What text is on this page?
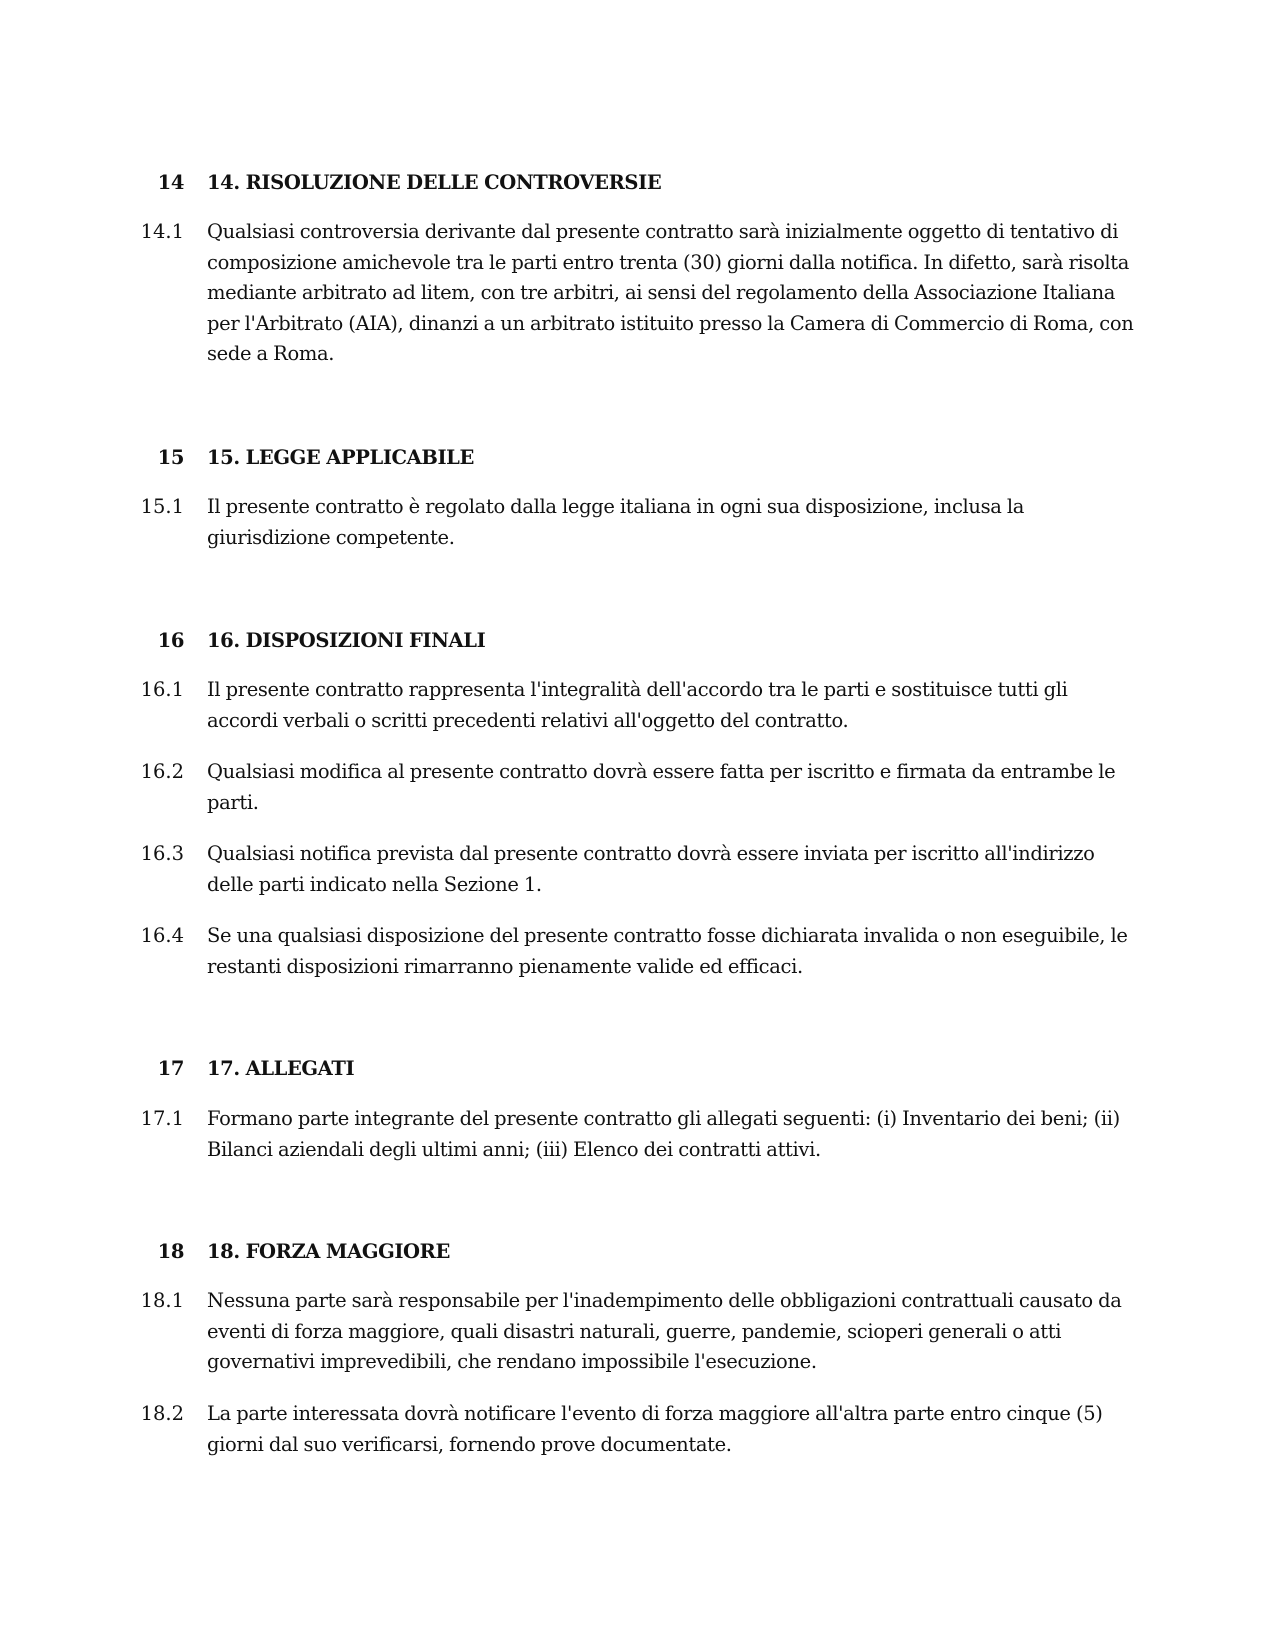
14 14. RISOLUZIONE DELLE CONTROVERSIE
14.1 Qualsiasi controversia derivante dal presente contratto sarà inizialmente oggetto di tentativo di composizione amichevole tra le parti entro trenta (30) giorni dalla notifica. In difetto, sarà risolta mediante arbitrato ad litem, con tre arbitri, ai sensi del regolamento della Associazione Italiana per l'Arbitrato (AIA), dinanzi a un arbitrato istituito presso la Camera di Commercio di Roma, con sede a Roma.
15 15. LEGGE APPLICABILE
15.1 Il presente contratto è regolato dalla legge italiana in ogni sua disposizione, inclusa la giurisdizione competente.
16 16. DISPOSIZIONI FINALI
16.1 Il presente contratto rappresenta l'integralità dell'accordo tra le parti e sostituisce tutti gli accordi verbali o scritti precedenti relativi all'oggetto del contratto.
16.2 Qualsiasi modifica al presente contratto dovrà essere fatta per iscritto e firmata da entrambe le parti.
16.3 Qualsiasi notifica prevista dal presente contratto dovrà essere inviata per iscritto all'indirizzo delle parti indicato nella Sezione 1.
16.4 Se una qualsiasi disposizione del presente contratto fosse dichiarata invalida o non eseguibile, le restanti disposizioni rimarranno pienamente valide ed efficaci.
17 17. ALLEGATI
17.1 Formano parte integrante del presente contratto gli allegati seguenti: (i) Inventario dei beni; (ii) Bilanci aziendali degli ultimi anni; (iii) Elenco dei contratti attivi.
18 18. FORZA MAGGIORE
18.1 Nessuna parte sarà responsabile per l'inadempimento delle obbligazioni contrattuali causato da eventi di forza maggiore, quali disastri naturali, guerre, pandemie, scioperi generali o atti governativi imprevedibili, che rendano impossibile l'esecuzione.
18.2 La parte interessata dovrà notificare l'evento di forza maggiore all'altra parte entro cinque (5) giorni dal suo verificarsi, fornendo prove documentate.
